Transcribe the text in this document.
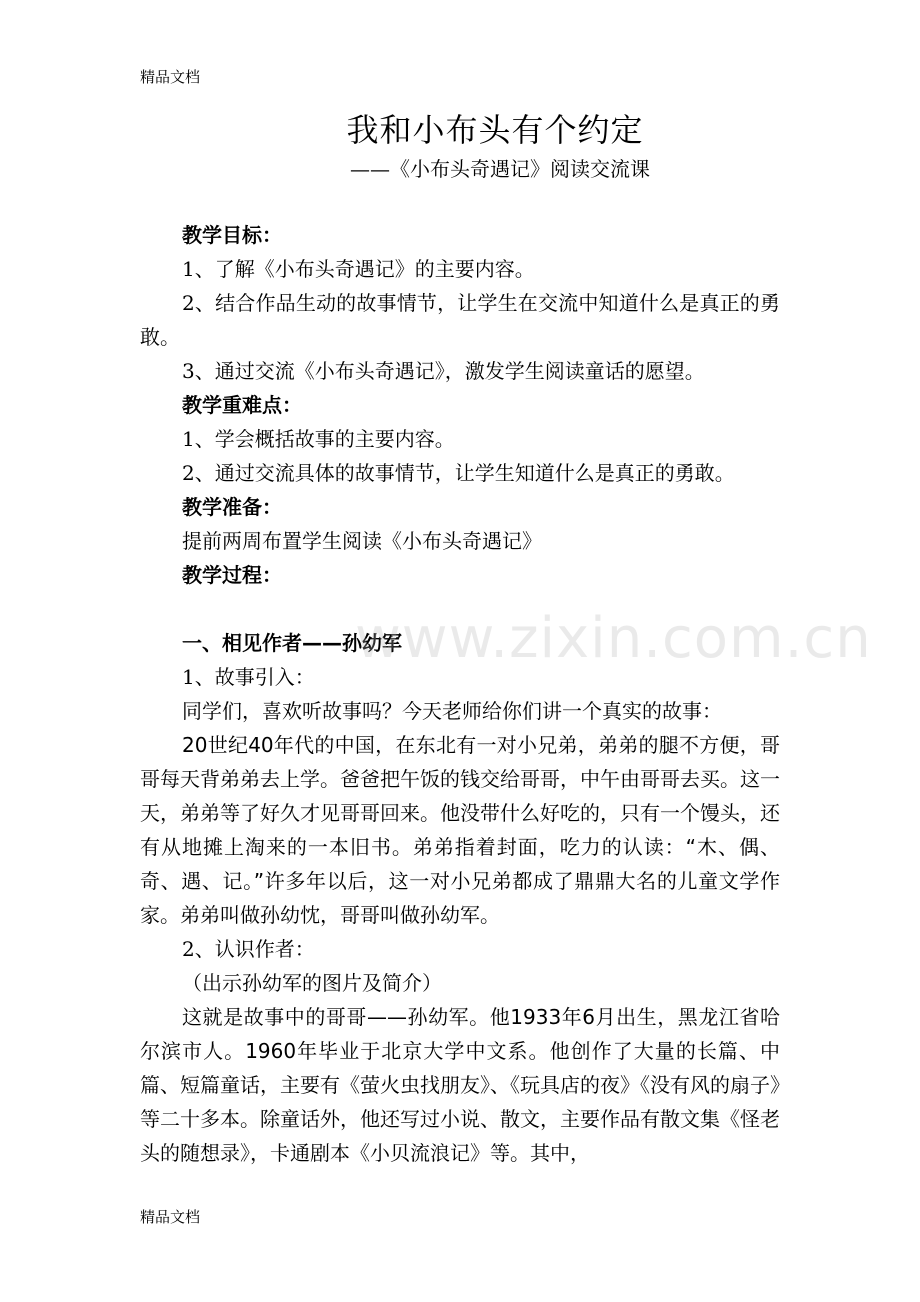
精品文档
我和小布头有个约定
——《小布头奇遇记》阅读交流课

教学目标：

1、了解《小布头奇遇记》的主要内容。

2、结合作品生动的故事情节，让学生在交流中知道什么是真正的勇敢。

3、通过交流《小布头奇遇记》，激发学生阅读童话的愿望。

教学重难点：

1、学会概括故事的主要内容。

2、通过交流具体的故事情节，让学生知道什么是真正的勇敢。

教学准备：

提前两周布置学生阅读《小布头奇遇记》

教学过程：

一、相见作者——孙幼军

1、故事引入：

同学们，喜欢听故事吗？今天老师给你们讲一个真实的故事：

20世纪40年代的中国，在东北有一对小兄弟，弟弟的腿不方便，哥哥每天背弟弟去上学。爸爸把午饭的钱交给哥哥，中午由哥哥去买。这一天，弟弟等了好久才见哥哥回来。他没带什么好吃的，只有一个馒头，还有从地摊上淘来的一本旧书。弟弟指着封面，吃力的认读：“木、偶、奇、遇、记。”许多年以后，这一对小兄弟都成了鼎鼎大名的儿童文学作家。弟弟叫做孙幼忱，哥哥叫做孙幼军。

2、认识作者：

（出示孙幼军的图片及简介）

这就是故事中的哥哥——孙幼军。他1933年6月出生，黑龙江省哈尔滨市人。1960年毕业于北京大学中文系。他创作了大量的长篇、中篇、短篇童话，主要有《萤火虫找朋友》、《玩具店的夜》《没有风的扇子》等二十多本。除童话外，他还写过小说、散文，主要作品有散文集《怪老头的随想录》，卡通剧本《小贝流浪记》等。其中，

www.zixin.com.cn
精品文档
